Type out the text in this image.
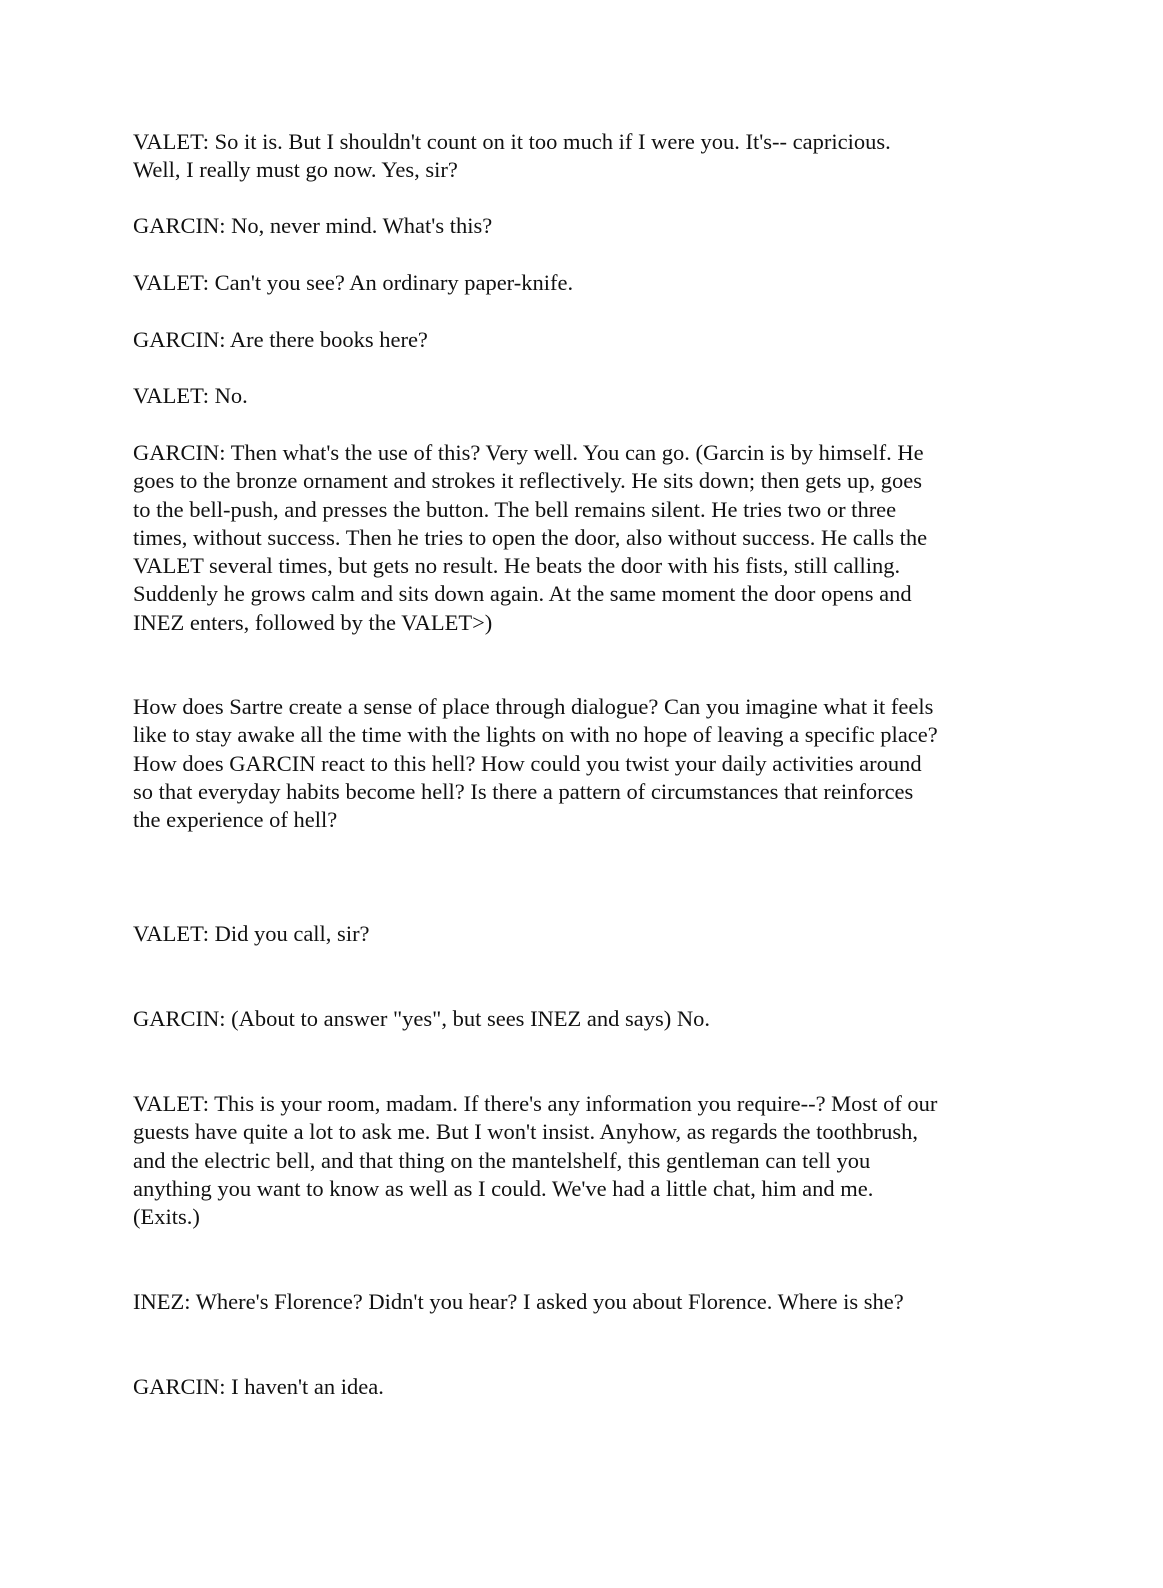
VALET: So it is. But I shouldn't count on it too much if I were you. It's-- capricious.
Well, I really must go now. Yes, sir?

GARCIN: No, never mind. What's this?

VALET: Can't you see? An ordinary paper-knife.

GARCIN: Are there books here?

VALET: No.

GARCIN: Then what's the use of this? Very well. You can go. (Garcin is by himself. He
goes to the bronze ornament and strokes it reflectively. He sits down; then gets up, goes
to the bell-push, and presses the button. The bell remains silent. He tries two or three
times, without success. Then he tries to open the door, also without success. He calls the
VALET several times, but gets no result. He beats the door with his fists, still calling.
Suddenly he grows calm and sits down again. At the same moment the door opens and
INEZ enters, followed by the VALET>)

How does Sartre create a sense of place through dialogue? Can you imagine what it feels
like to stay awake all the time with the lights on with no hope of leaving a specific place?
How does GARCIN react to this hell? How could you twist your daily activities around
so that everyday habits become hell? Is there a pattern of circumstances that reinforces
the experience of hell?

VALET: Did you call, sir?

GARCIN: (About to answer "yes", but sees INEZ and says) No.

VALET: This is your room, madam. If there's any information you require--? Most of our
guests have quite a lot to ask me. But I won't insist. Anyhow, as regards the toothbrush,
and the electric bell, and that thing on the mantelshelf, this gentleman can tell you
anything you want to know as well as I could. We've had a little chat, him and me.
(Exits.)

INEZ: Where's Florence? Didn't you hear? I asked you about Florence. Where is she?

GARCIN: I haven't an idea.
